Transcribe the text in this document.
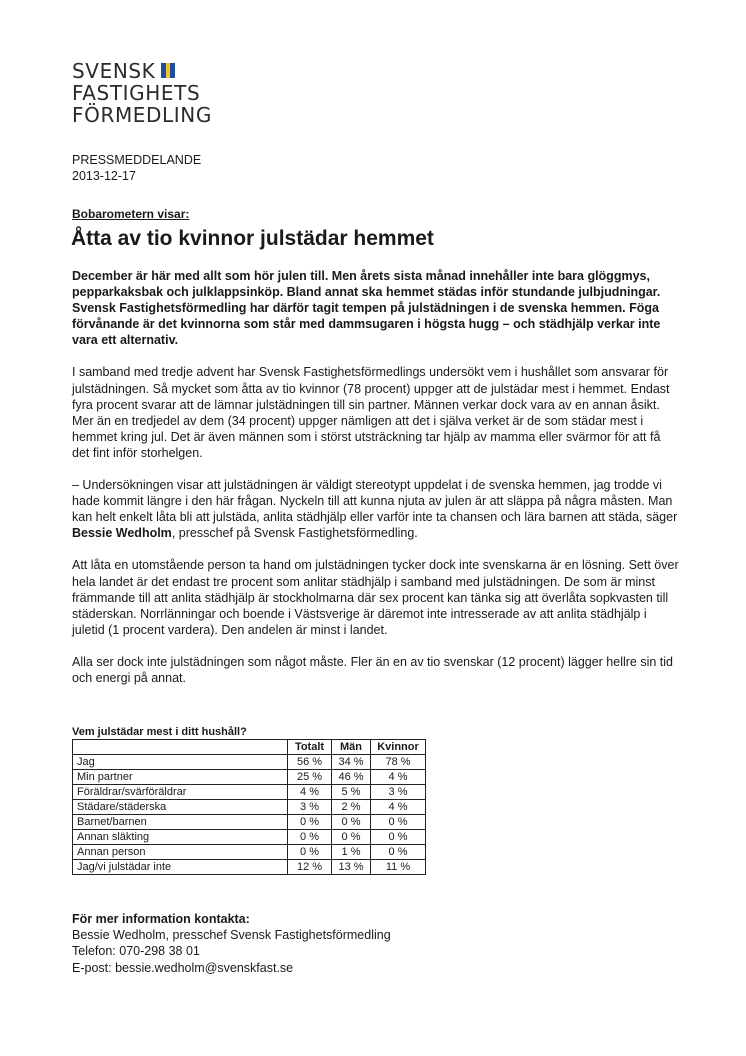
SVENSK
FASTIGHETS
FÖRMEDLING
PRESSMEDDELANDE
2013-12-17
Bobarometern visar:
Åtta av tio kvinnor julstädar hemmet

December är här med allt som hör julen till. Men årets sista månad innehåller inte bara glöggmys, pepparkaksbak och julklappsinköp. Bland annat ska hemmet städas inför stundande julbjudningar. Svensk Fastighetsförmedling har därför tagit tempen på julstädningen i de svenska hemmen. Föga förvånande är det kvinnorna som står med dammsugaren i högsta hugg – och städhjälp verkar inte vara ett alternativ.

I samband med tredje advent har Svensk Fastighetsförmedlings undersökt vem i hushållet som ansvarar för julstädningen. Så mycket som åtta av tio kvinnor (78 procent) uppger att de julstädar mest i hemmet. Endast fyra procent svarar att de lämnar julstädningen till sin partner. Männen verkar dock vara av en annan åsikt. Mer än en tredjedel av dem (34 procent) uppger nämligen att det i själva verket är de som städar mest i hemmet kring jul. Det är även männen som i störst utsträckning tar hjälp av mamma eller svärmor för att få det fint inför storhelgen.

– Undersökningen visar att julstädningen är väldigt stereotypt uppdelat i de svenska hemmen, jag trodde vi hade kommit längre i den här frågan. Nyckeln till att kunna njuta av julen är att släppa på några måsten. Man kan helt enkelt låta bli att julstäda, anlita städhjälp eller varför inte ta chansen och lära barnen att städa, säger Bessie Wedholm, presschef på Svensk Fastighetsförmedling.

Att låta en utomstående person ta hand om julstädningen tycker dock inte svenskarna är en lösning. Sett över hela landet är det endast tre procent som anlitar städhjälp i samband med julstädningen. De som är minst främmande till att anlita städhjälp är stockholmarna där sex procent kan tänka sig att överlåta sopkvasten till städerskan. Norrlänningar och boende i Västsverige är däremot inte intresserade av att anlita städhjälp i juletid (1 procent vardera). Den andelen är minst i landet.

Alla ser dock inte julstädningen som något måste. Fler än en av tio svenskar (12 procent) lägger hellre sin tid och energi på annat.

Vem julstädar mest i ditt hushåll?
	Totalt	Män	Kvinnor
Jag	56 %	34 %	78 %
Min partner	25 %	46 %	4 %
Föräldrar/svärföräldrar	4 %	5 %	3 %
Städare/städerska	3 %	2 %	4 %
Barnet/barnen	0 %	0 %	0 %
Annan släkting	0 %	0 %	0 %
Annan person	0 %	1 %	0 %
Jag/vi julstädar inte	12 %	13 %	11 %
För mer information kontakta:
Bessie Wedholm, presschef Svensk Fastighetsförmedling
Telefon: 070-298 38 01
E-post: bessie.wedholm@svenskfast.se
